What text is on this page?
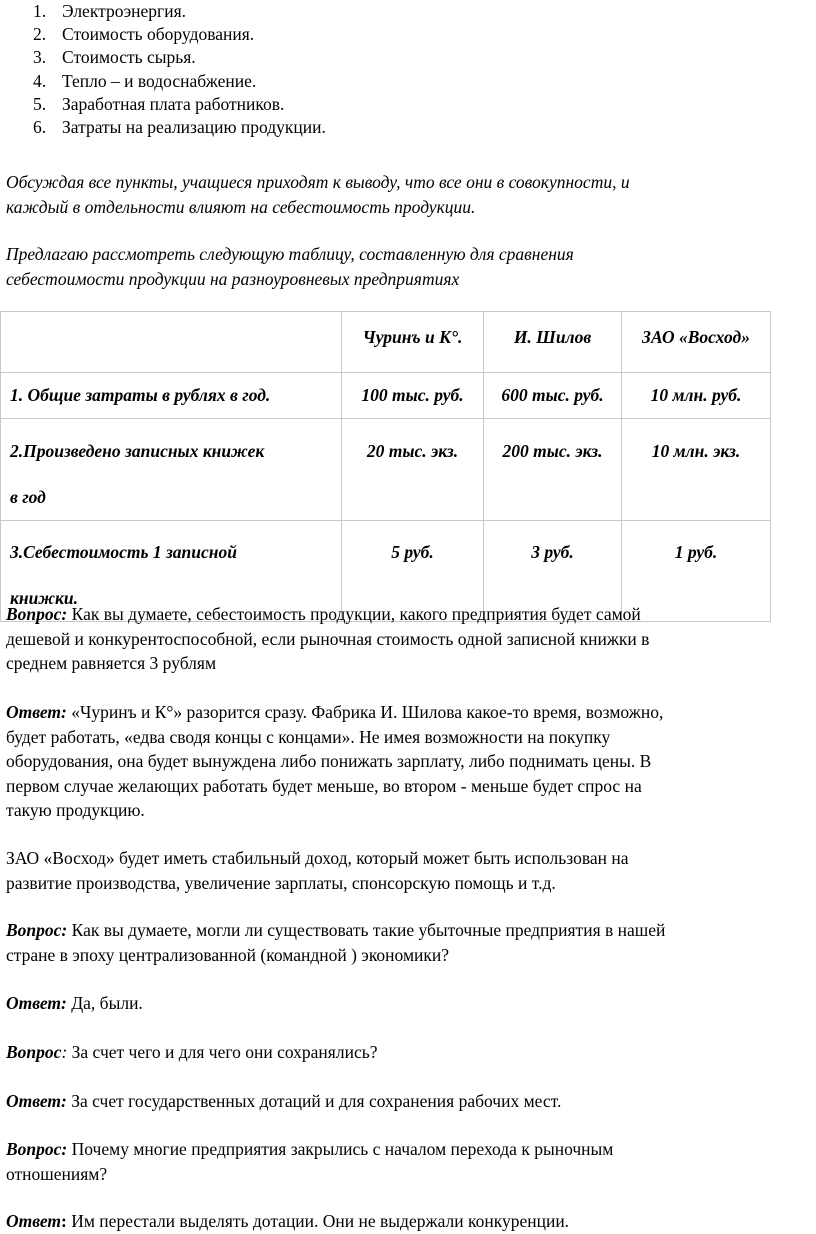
1. Электроэнергия.
2. Стоимость оборудования.
3. Стоимость сырья.
4. Тепло – и водоснабжение.
5. Заработная плата работников.
6. Затраты на реализацию продукции.

Обсуждая все пункты, учащиеся приходят к выводу, что все они в совокупности, и
каждый в отдельности влияют на себестоимость продукции.

Предлагаю рассмотреть следующую таблицу, составленную для сравнения
себестоимости продукции на разноуровневых предприятиях

	Чуринъ и К°.	И. Шилов	ЗАО «Восход»
1. Общие затраты в рублях в год.	100 тыс. руб.	600 тыс. руб.	10 млн. руб.
2.Произведено записных книжек
в год	20 тыс. экз.	200 тыс. экз.	10 млн. экз.
3.Себестоимость 1 записной
книжки.	5 руб.	3 руб.	1 руб.

Вопрос: Как вы думаете, себестоимость продукции, какого предприятия будет самой
дешевой и конкурентоспособной, если рыночная стоимость одной записной книжки в
среднем равняется 3 рублям

Ответ: «Чуринъ и К°» разорится сразу. Фабрика И. Шилова какое-то время, возможно,
будет работать, «едва сводя концы с концами». Не имея возможности на покупку
оборудования, она будет вынуждена либо понижать зарплату, либо поднимать цены. В
первом случае желающих работать будет меньше, во втором - меньше будет спрос на
такую продукцию.

ЗАО «Восход» будет иметь стабильный доход, который может быть использован на
развитие производства, увеличение зарплаты, спонсорскую помощь и т.д.

Вопрос: Как вы думаете, могли ли существовать такие убыточные предприятия в нашей
стране в эпоху централизованной (командной ) экономики?

Ответ: Да, были.

Вопрос: За счет чего и для чего они сохранялись?

Ответ: За счет государственных дотаций и для сохранения рабочих мест.

Вопрос: Почему многие предприятия закрылись с началом перехода к рыночным
отношениям?

Ответ: Им перестали выделять дотации. Они не выдержали конкуренции.
